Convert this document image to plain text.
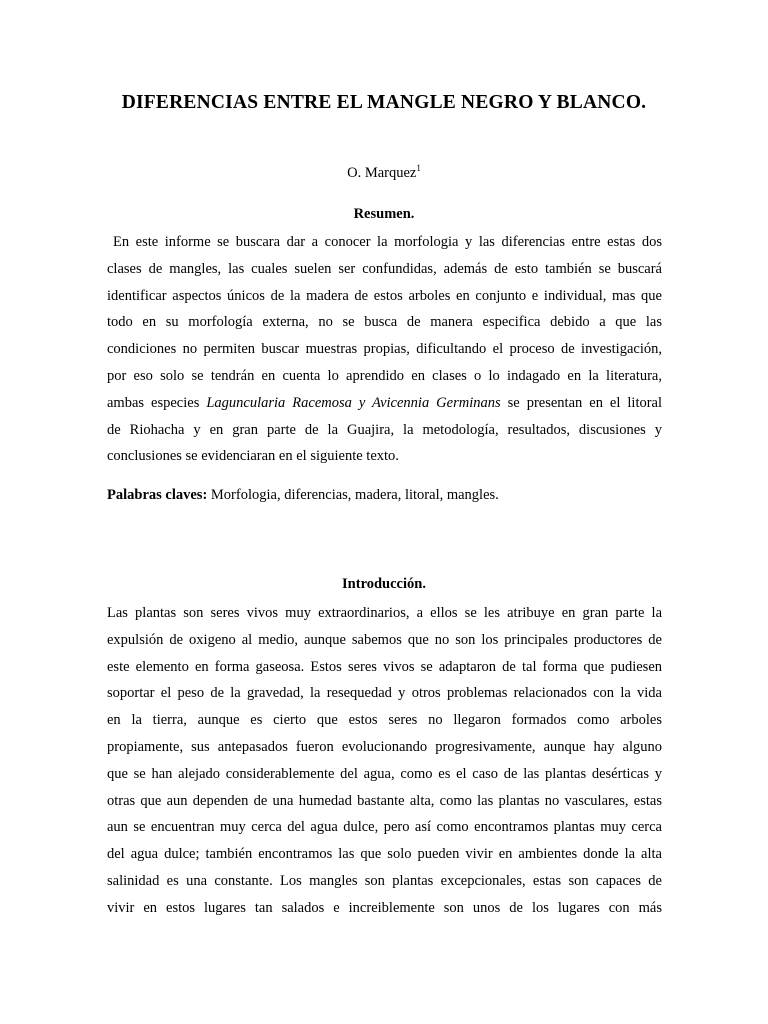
DIFERENCIAS ENTRE EL MANGLE NEGRO Y BLANCO.
O. Marquez$^1$
Resumen.
En este informe se buscara dar a conocer la morfologia y las diferencias entre estas dos
clases de mangles, las cuales suelen ser confundidas, además de esto también se buscará
identificar aspectos únicos de la madera de estos arboles en conjunto e individual, mas que
todo en su morfología externa, no se busca de manera especifica debido a que las
condiciones no permiten buscar muestras propias, dificultando el proceso de investigación,
por eso solo se tendrán en cuenta lo aprendido en clases o lo indagado en la literatura,
ambas especies Laguncularia Racemosa y Avicennia Germinans se presentan en el litoral
de Riohacha y en gran parte de la Guajira, la metodología, resultados, discusiones y
conclusiones se evidenciaran en el siguiente texto.
Palabras claves: Morfologia, diferencias, madera, litoral, mangles.
Introducción.
Las plantas son seres vivos muy extraordinarios, a ellos se les atribuye en gran parte la
expulsión de oxigeno al medio, aunque sabemos que no son los principales productores de
este elemento en forma gaseosa. Estos seres vivos se adaptaron de tal forma que pudiesen
soportar el peso de la gravedad, la resequedad y otros problemas relacionados con la vida
en la tierra, aunque es cierto que estos seres no llegaron formados como arboles
propiamente, sus antepasados fueron evolucionando progresivamente, aunque hay alguno
que se han alejado considerablemente del agua, como es el caso de las plantas desérticas y
otras que aun dependen de una humedad bastante alta, como las plantas no vasculares, estas
aun se encuentran muy cerca del agua dulce, pero así como encontramos plantas muy cerca
del agua dulce; también encontramos las que solo pueden vivir en ambientes donde la alta
salinidad es una constante. Los mangles son plantas excepcionales, estas son capaces de
vivir en estos lugares tan salados e increiblemente son unos de los lugares con más
